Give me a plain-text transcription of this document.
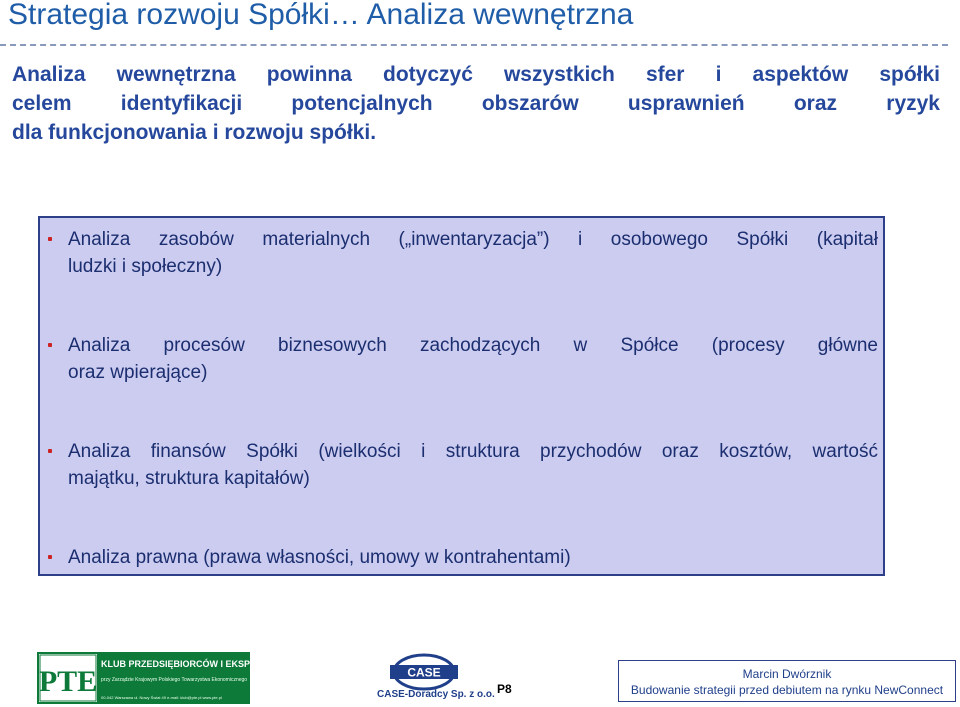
Strategia rozwoju Spółki… Analiza wewnętrzna
Analiza wewnętrzna powinna dotyczyć wszystkich sfer i aspektów spółki
celem identyfikacji potencjalnych obszarów usprawnień oraz ryzyk
dla funkcjonowania i rozwoju spółki.
Analiza zasobów materialnych („inwentaryzacja”) i osobowego Spółki (kapitał
ludzki i społeczny)
Analiza procesów biznesowych zachodzących w Spółce (procesy główne
oraz wpierające)
Analiza finansów Spółki (wielkości i struktura przychodów oraz kosztów, wartość
majątku, struktura kapitałów)
Analiza prawna (prawa własności, umowy w kontrahentami)
PTE
KLUB PRZEDSIĘBIORCÓW I EKSPERTÓW
przy Zarządzie Krajowym Polskiego Towarzystwa Ekonomicznego
00-042 Warszawa ul. Nowy Świat 49 e-mail: klub@pte.pl www.pte.pl
CASE
CASE-Doradcy Sp. z o.o. P8
Marcin Dwórznik
Budowanie strategii przed debiutem na rynku NewConnect
